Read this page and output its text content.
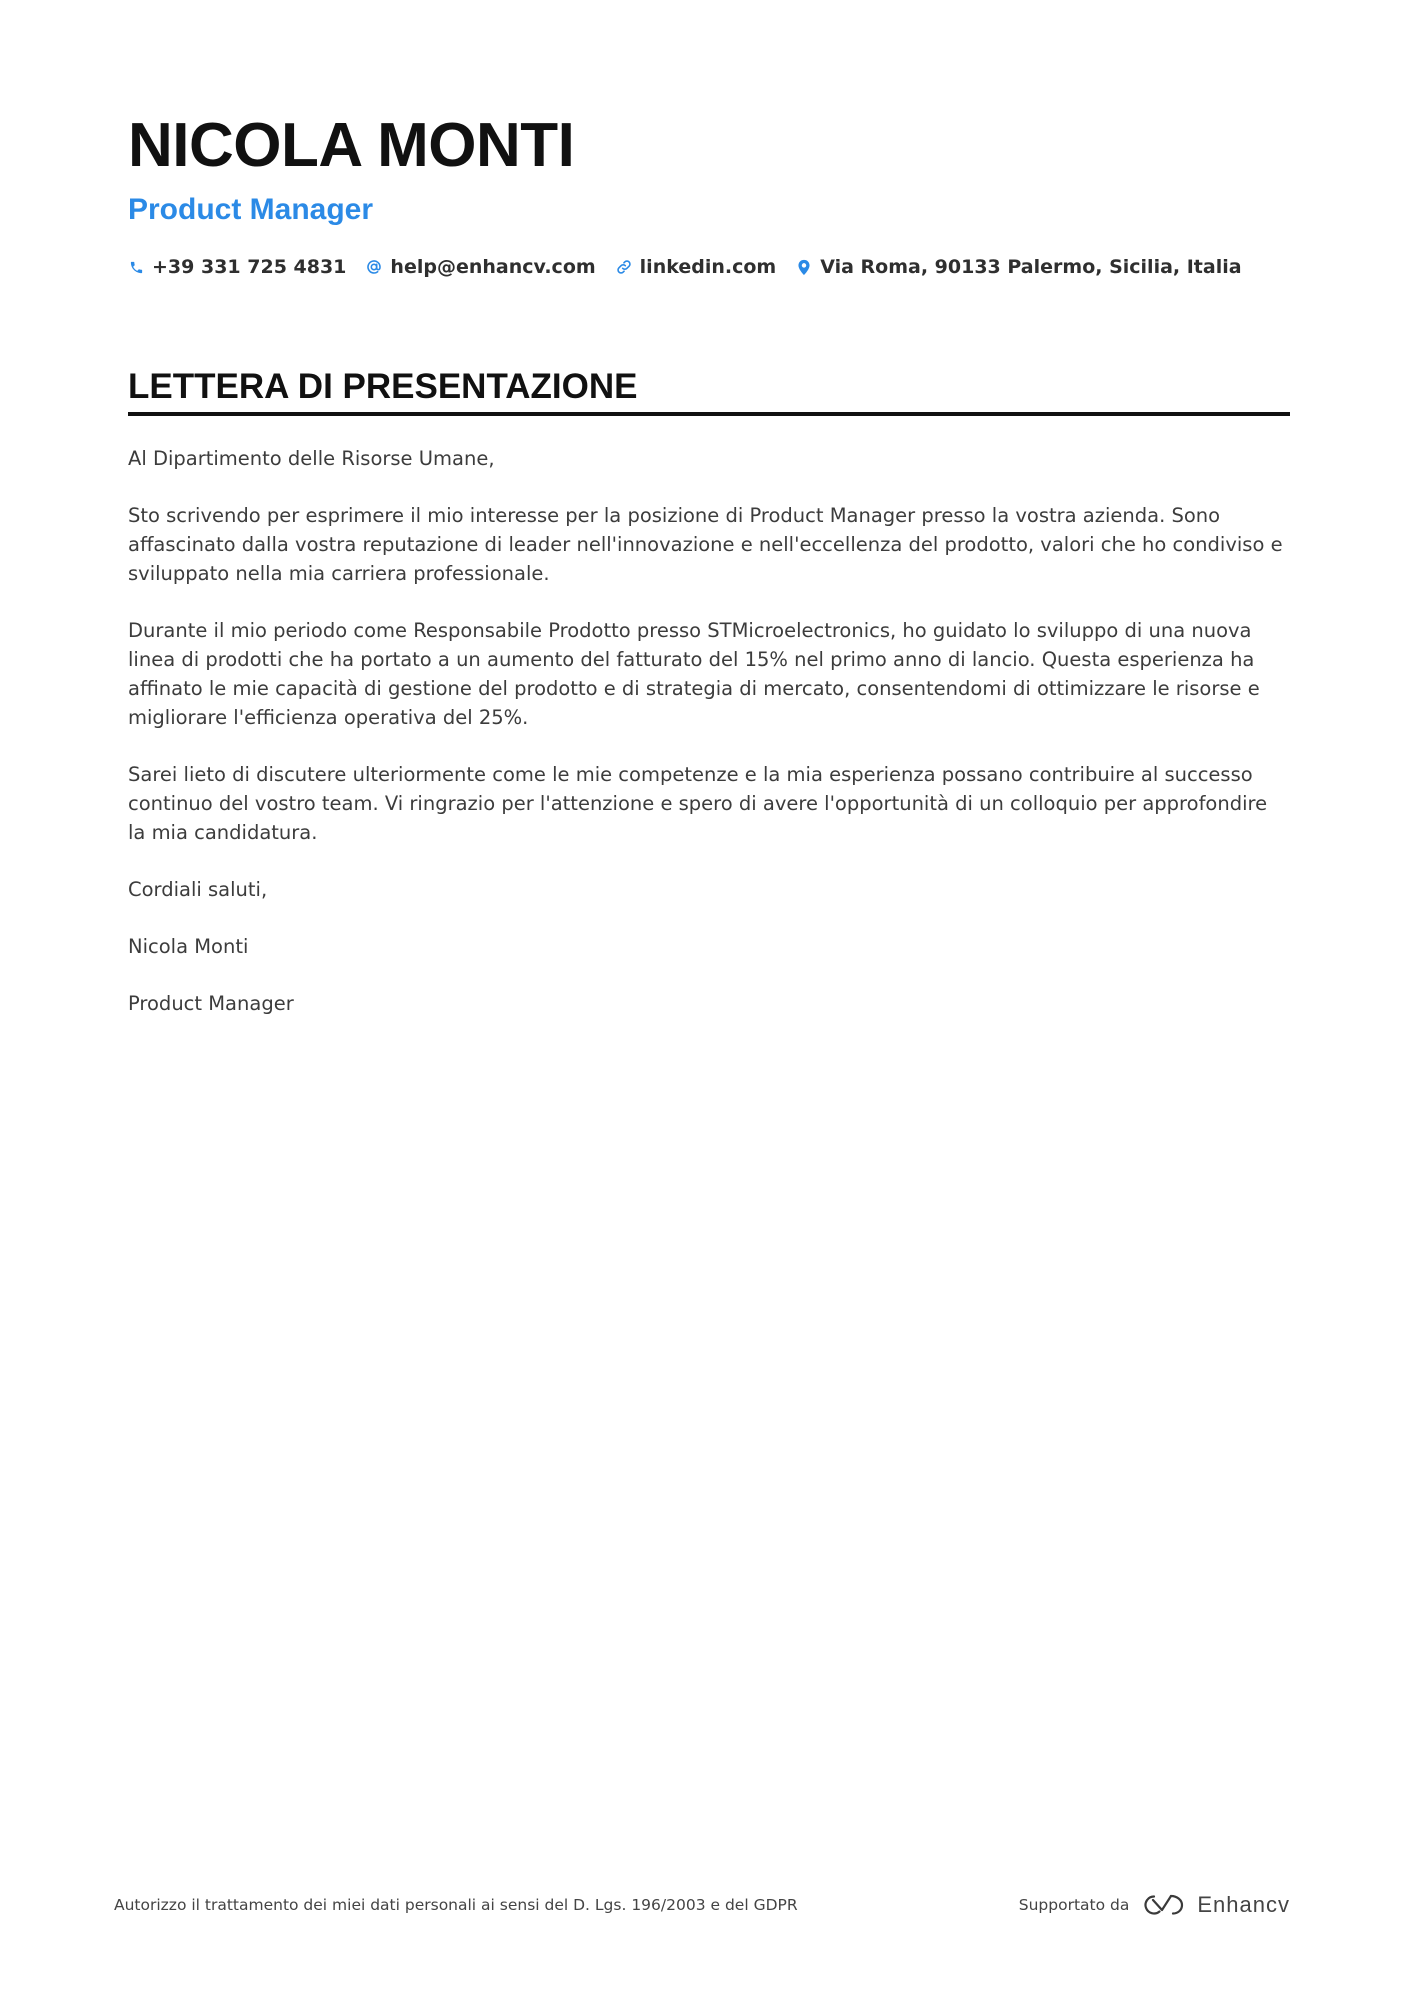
NICOLA MONTI
Product Manager
+39 331 725 4831 help@enhancv.com linkedin.com Via Roma, 90133 Palermo, Sicilia, Italia
LETTERA DI PRESENTAZIONE

Al Dipartimento delle Risorse Umane,

Sto scrivendo per esprimere il mio interesse per la posizione di Product Manager presso la vostra azienda. Sono affascinato dalla vostra reputazione di leader nell'innovazione e nell'eccellenza del prodotto, valori che ho condiviso e sviluppato nella mia carriera professionale.

Durante il mio periodo come Responsabile Prodotto presso STMicroelectronics, ho guidato lo sviluppo di una nuova linea di prodotti che ha portato a un aumento del fatturato del 15% nel primo anno di lancio. Questa esperienza ha affinato le mie capacità di gestione del prodotto e di strategia di mercato, consentendomi di ottimizzare le risorse e migliorare l'efficienza operativa del 25%.

Sarei lieto di discutere ulteriormente come le mie competenze e la mia esperienza possano contribuire al successo continuo del vostro team. Vi ringrazio per l'attenzione e spero di avere l'opportunità di un colloquio per approfondire la mia candidatura.

Cordiali saluti,

Nicola Monti

Product Manager

Autorizzo il trattamento dei miei dati personali ai sensi del D. Lgs. 196/2003 e del GDPR	Supportato da	Enhancv
